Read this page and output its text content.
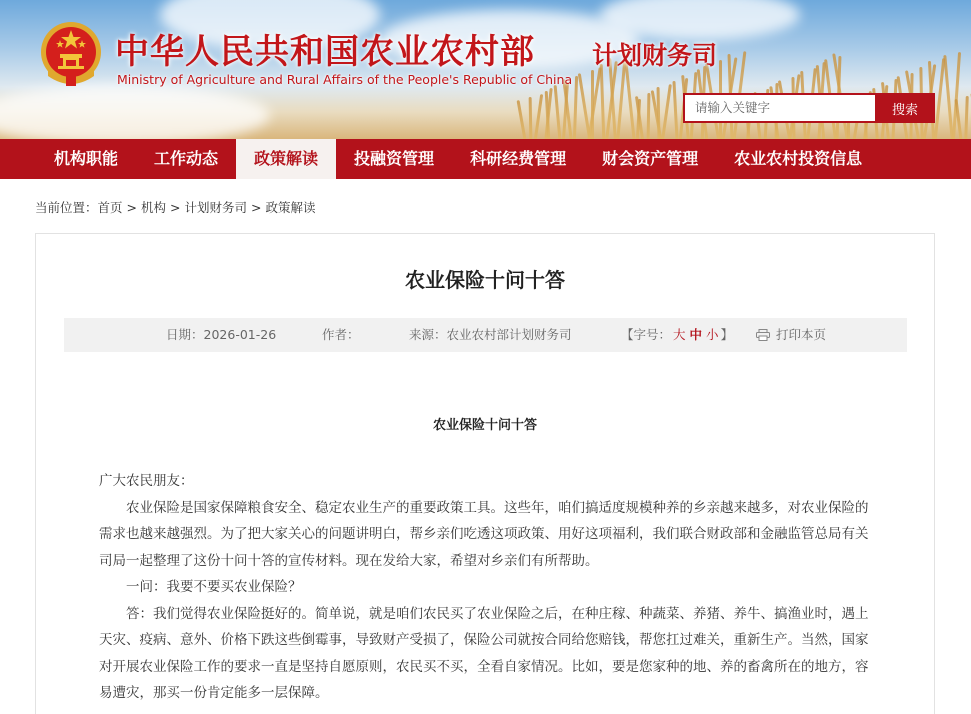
中华人民共和国农业农村部
Ministry of Agriculture and Rural Affairs of the People's Republic of China
计划财务司
请输入关键字
搜索
机构职能	工作动态	政策解读	投融资管理	科研经费管理	财会资产管理	农业农村投资信息
当前位置：首页 > 机构 > 计划财务司 > 政策解读
农业保险十问十答
日期：2026-01-26	作者：	来源：农业农村部计划财务司	【字号： 大 中 小 】	打印本页
农业保险十问十答

广大农民朋友：

农业保险是国家保障粮食安全、稳定农业生产的重要政策工具。这些年，咱们搞适度规模种养的乡亲越来越多，对农业保险的需求也越来越强烈。为了把大家关心的问题讲明白，帮乡亲们吃透这项政策、用好这项福利，我们联合财政部和金融监管总局有关司局一起整理了这份十问十答的宣传材料。现在发给大家，希望对乡亲们有所帮助。

一问：我要不要买农业保险？

答：我们觉得农业保险挺好的。简单说，就是咱们农民买了农业保险之后，在种庄稼、种蔬菜、养猪、养牛、搞渔业时，遇上天灾、疫病、意外、价格下跌这些倒霉事，导致财产受损了，保险公司就按合同给您赔钱，帮您扛过难关，重新生产。当然，国家对开展农业保险工作的要求一直是坚持自愿原则，农民买不买，全看自家情况。比如，要是您家种的地、养的畜禽所在的地方，容易遭灾，那买一份肯定能多一层保障。
